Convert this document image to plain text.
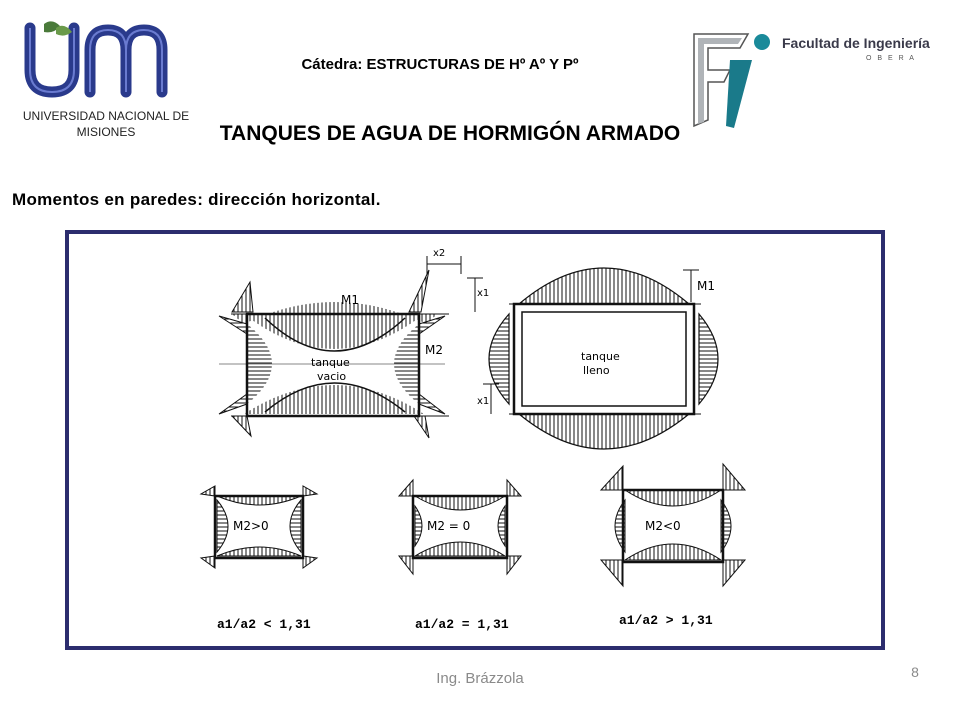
UNIVERSIDAD NACIONAL DE MISIONES
Cátedra: ESTRUCTURAS DE Hº Aº Y Pº
Facultad de Ingeniería
O B E R A
TANQUES DE AGUA DE HORMIGÓN ARMADO
Momentos en paredes: dirección horizontal.
M1
M2
tanque
vacio
x2
x1
tanque
lleno
M1
x1
M2>0
a1/a2 < 1,31
M2 = 0
a1/a2 = 1,31
M2<0
a1/a2 > 1,31
Ing. Brázzola	8
